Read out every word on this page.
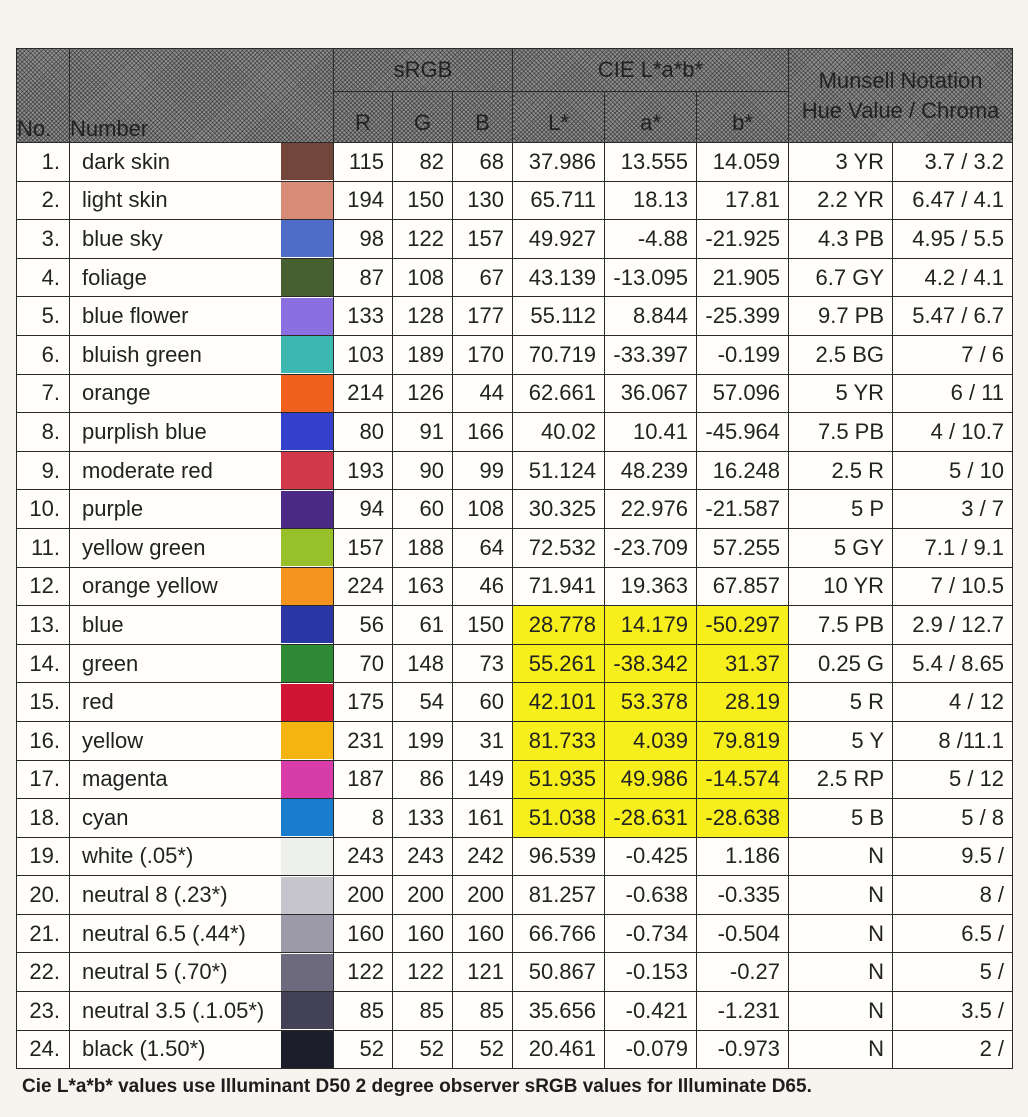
No.	Number		sRGB			CIE L*a*b*			Munsell Notation
Hue Value / Chroma	

			R	G	B	L*	a*	b*		
1.	dark skin		115	82	68	37.986	13.555	14.059	3 YR	3.7 / 3.2
2.	light skin		194	150	130	65.711	18.13	17.81	2.2 YR	6.47 / 4.1
3.	blue sky		98	122	157	49.927	-4.88	-21.925	4.3 PB	4.95 / 5.5
4.	foliage		87	108	67	43.139	-13.095	21.905	6.7 GY	4.2 / 4.1
5.	blue flower		133	128	177	55.112	8.844	-25.399	9.7 PB	5.47 / 6.7
6.	bluish green		103	189	170	70.719	-33.397	-0.199	2.5 BG	7 / 6
7.	orange		214	126	44	62.661	36.067	57.096	5 YR	6 / 11
8.	purplish blue		80	91	166	40.02	10.41	-45.964	7.5 PB	4 / 10.7
9.	moderate red		193	90	99	51.124	48.239	16.248	2.5 R	5 / 10
10.	purple		94	60	108	30.325	22.976	-21.587	5 P	3 / 7
11.	yellow green		157	188	64	72.532	-23.709	57.255	5 GY	7.1 / 9.1
12.	orange yellow		224	163	46	71.941	19.363	67.857	10 YR	7 / 10.5
13.	blue		56	61	150	28.778	14.179	-50.297	7.5 PB	2.9 / 12.7
14.	green		70	148	73	55.261	-38.342	31.37	0.25 G	5.4 / 8.65
15.	red		175	54	60	42.101	53.378	28.19	5 R	4 / 12
16.	yellow		231	199	31	81.733	4.039	79.819	5 Y	8 /11.1
17.	magenta		187	86	149	51.935	49.986	-14.574	2.5 RP	5 / 12
18.	cyan		8	133	161	51.038	-28.631	-28.638	5 B	5 / 8
19.	white (.05*)		243	243	242	96.539	-0.425	1.186	N	9.5 /
20.	neutral 8 (.23*)		200	200	200	81.257	-0.638	-0.335	N	8 /
21.	neutral 6.5 (.44*)		160	160	160	66.766	-0.734	-0.504	N	6.5 /
22.	neutral 5 (.70*)		122	122	121	50.867	-0.153	-0.27	N	5 /
23.	neutral 3.5 (.1.05*)		85	85	85	35.656	-0.421	-1.231	N	3.5 /
24.	black (1.50*)		52	52	52	20.461	-0.079	-0.973	N	2 /
Cie L*a*b* values use Illuminant D50 2 degree observer sRGB values for Illuminate D65.
